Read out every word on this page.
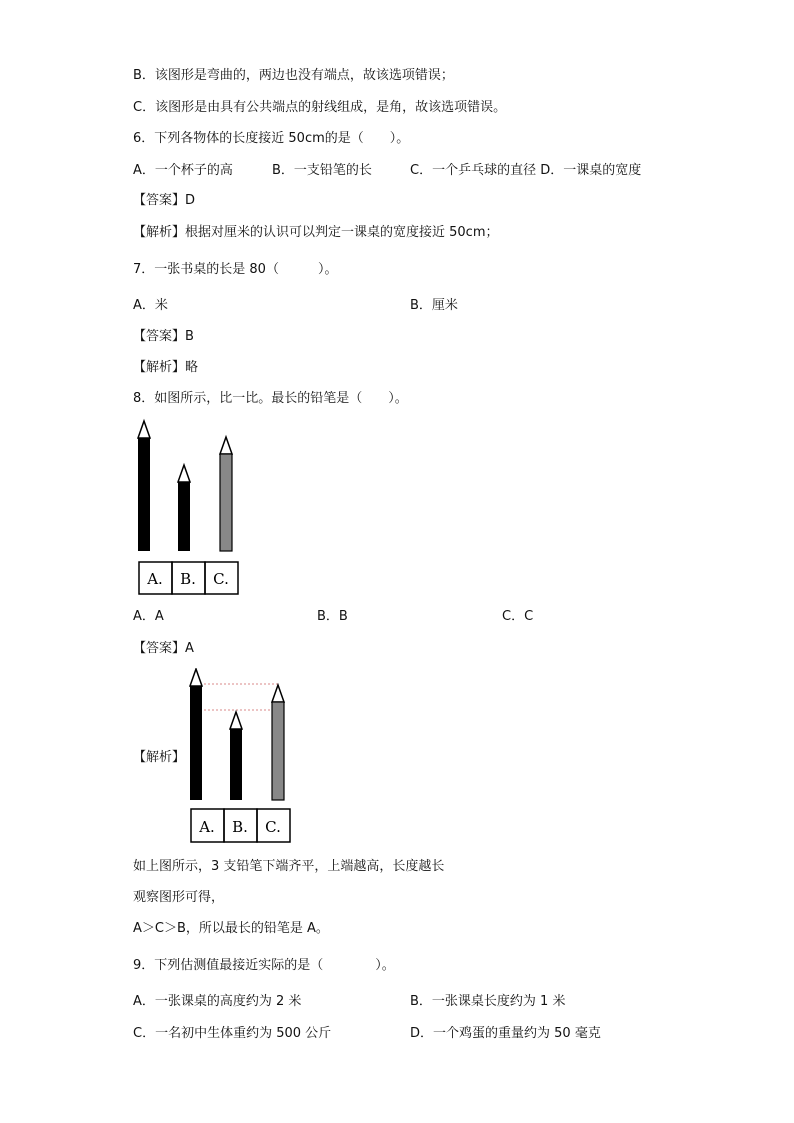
B．该图形是弯曲的，两边也没有端点，故该选项错误；
C．该图形是由具有公共端点的射线组成，是角，故该选项错误。
6．下列各物体的长度接近 50cm的是（　　）。
A．一个杯子的高	B．一支铅笔的长	C．一个乒乓球的直径 D．一课桌的宽度
【答案】D
【解析】根据对厘米的认识可以判定一课桌的宽度接近 50cm；
7．一张书桌的长是 80（　　　）。
A．米	B．厘米
【答案】B
【解析】略
8．如图所示，比一比。最长的铅笔是（　　）。
A. B. C.
A．A	B．B	C．C
【答案】A
【解析】
A. B. C.
如上图所示，3 支铅笔下端齐平，上端越高，长度越长
观察图形可得，
A＞C＞B，所以最长的铅笔是 A。
9．下列估测值最接近实际的是（　　　　）。
A．一张课桌的高度约为 2 米	B．一张课桌长度约为 1 米
C．一名初中生体重约为 500 公斤	D．一个鸡蛋的重量约为 50 毫克
